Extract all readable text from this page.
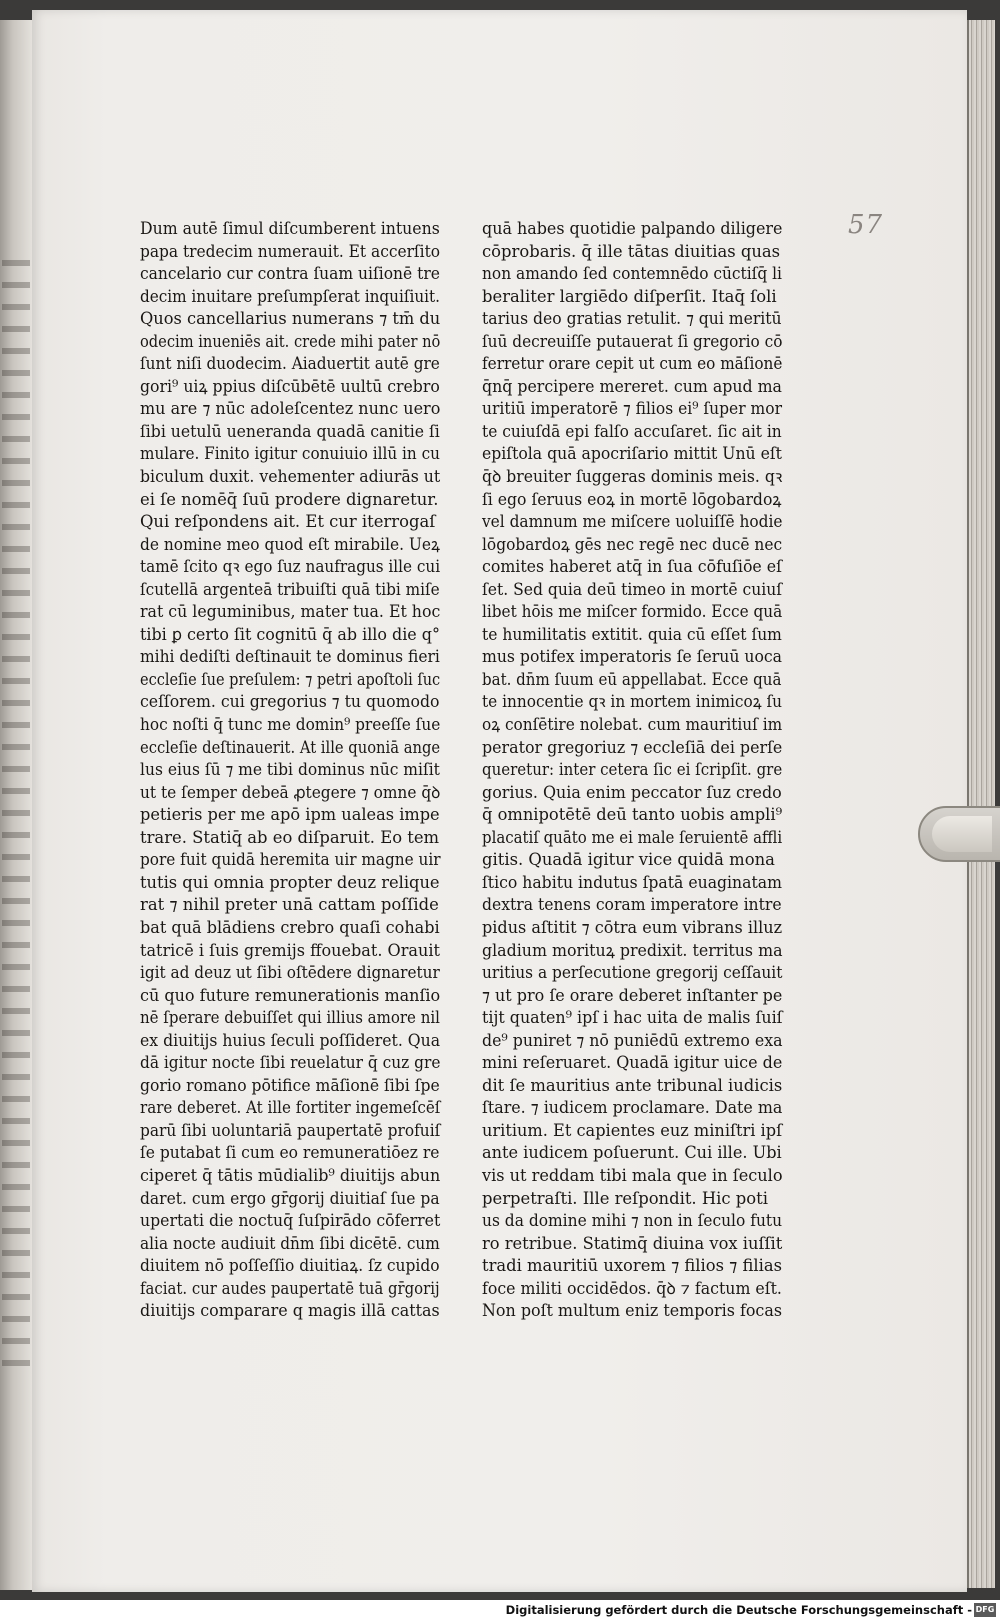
57
Dum autē ſimul diſcumberent intuens
papa tredecim numerauit. Et accerſito
cancelario cur contra ſuam uiſionē tre
decim inuitare preſumpſerat inquiſiuit.
Quos cancellarius numerans ⁊ tm̄ du
odecim inueniēs ait. crede mihi pater nō
ſunt niſi duodecim. Aiaduertit autē gre
gori⁹ uiꝝ ppius diſcūbētē uultū crebro
mu are ⁊ nūc adoleſcentez nunc uero
ſibi uetulū ueneranda quadā canitie ſi
mulare. Finito igitur conuiuio illū in cu
biculum duxit. vehementer adiurās ut
ei ſe nomēq̄ ſuū prodere dignaretur.
Qui reſpondens ait. Et cur iterrogaſ
de nomine meo quod eſt mirabile. Ueꝝ
tamē ſcito qꝛ ego ſuz naufragus ille cui
ſcutellā argenteā tribuiſti quā tibi miſe
rat cū leguminibus, mater tua. Et hoc
tibi ꝑ certo ſit cognitū q̄ ab illo die q°
mihi dediſti deſtinauit te dominus fieri
eccleſie ſue preſulem: ⁊ petri apoſtoli ſuc
ceſſorem. cui gregorius ⁊ tu quomodo
hoc noſti q̄ tunc me domin⁹ preeſſe ſue
eccleſie deſtinauerit. At ille quoniā ange
lus eius ſū ⁊ me tibi dominus nūc miſit
ut te ſemper debeā ꝓtegere ⁊ omne q̄ꝺ
petieris per me apō ipm ualeas impe
trare. Statiq̄ ab eo diſparuit. Eo tem
pore fuit quidā heremita uir magne uir
tutis qui omnia propter deuz relique
rat ⁊ nihil preter unā cattam poſſide
bat quā blādiens crebro quaſi cohabi
tatricē i ſuis gremijs ffouebat. Orauit
igit ad deuz ut ſibi oſtēdere dignaretur
cū quo future remunerationis manſio
nē ſperare debuiſſet qui illius amore nil
ex diuitijs huius ſeculi poſſideret. Qua
dā igitur nocte ſibi reuelatur q̄ cuz gre
gorio romano pōtifice māſionē ſibi ſpe
rare deberet. At ille fortiter ingemeſcēſ
parū ſibi uoluntariā paupertatē profuiſ
ſe putabat ſi cum eo remuneratiōez re
ciperet q̄ tātis mūdialib⁹ diuitijs abun
daret. cum ergo gr̄gorij diuitiaſ ſue pa
upertati die noctuq̄ ſuſpirādo cōferret
alia nocte audiuit dn̄m ſibi dicētē. cum
diuitem nō poſſeſſio diuitiaꝝ. ſz cupido
faciat. cur audes paupertatē tuā gr̄gorij
diuitijs comparare q magis illā cattas
quā habes quotidie palpando diligere
cōprobaris. q̄ ille tātas diuitias quas
non amando ſed contemnēdo cūctiſq̄ li
beraliter largiēdo diſperſit. Itaq̄ ſoli
tarius deo gratias retulit. ⁊ qui meritū
ſuū decreuiſſe putauerat ſi gregorio cō
ferretur orare cepit ut cum eo māſionē
q̄nq̄ percipere mereret. cum apud ma
uritiū imperatorē ⁊ filios ei⁹ ſuper mor
te cuiuſdā epi falſo accuſaret. ſic ait in
epiſtola quā apocriſario mittit Unū eſt
q̄ꝺ breuiter ſuggeras dominis meis. qꝛ
ſi ego ſeruus eoꝝ in mortē lōgobardoꝝ
vel damnum me miſcere uoluiſſē hodie
lōgobardoꝝ gēs nec regē nec ducē nec
comites haberet atq̄ in ſua cōfuſiōe eſ
ſet. Sed quia deū timeo in mortē cuiuſ
libet hōis me miſcer formido. Ecce quā
te humilitatis extitit. quia cū eſſet ſum
mus potifex imperatoris ſe ſeruū uoca
bat. dn̄m ſuum eū appellabat. Ecce quā
te innocentie qꝛ in mortem inimicoꝝ ſu
oꝝ conſētire nolebat. cum mauritiuſ im
perator gregoriuz ⁊ eccleſiā dei perſe
queretur: inter cetera ſic ei ſcripſit. gre
gorius. Quia enim peccator ſuz credo
q̄ omnipotētē deū tanto uobis ampli⁹
placatiſ quāto me ei male ſeruientē affli
gitis. Quadā igitur vice quidā mona
ſtico habitu indutus ſpatā euaginatam
dextra tenens coram imperatore intre
pidus aſtitit ⁊ cōtra eum vibrans illuz
gladium morituꝝ predixit. territus ma
uritius a perſecutione gregorij ceſſauit
⁊ ut pro ſe orare deberet inſtanter pe
tijt quaten⁹ ipſ i hac uita de malis ſuiſ
de⁹ puniret ⁊ nō puniēdū extremo exa
mini reſeruaret. Quadā igitur uice de
dit ſe mauritius ante tribunal iudicis
ſtare. ⁊ iudicem proclamare. Date ma
uritium. Et capientes euz miniſtri ipſ
ante iudicem poſuerunt. Cui ille. Ubi
vis ut reddam tibi mala que in ſeculo
perpetraſti. Ille reſpondit. Hic poti
us da domine mihi ⁊ non in ſeculo futu
ro retribue. Statimq̄ diuina vox iuſſit
tradi mauritiū uxorem ⁊ filios ⁊ filias
foce militi occidēdos. q̄ꝺ ⁊ factum eſt.
Non poſt multum eniz temporis focas
Digitalisierung gefördert durch die Deutsche Forschungsgemeinschaft - DFG
